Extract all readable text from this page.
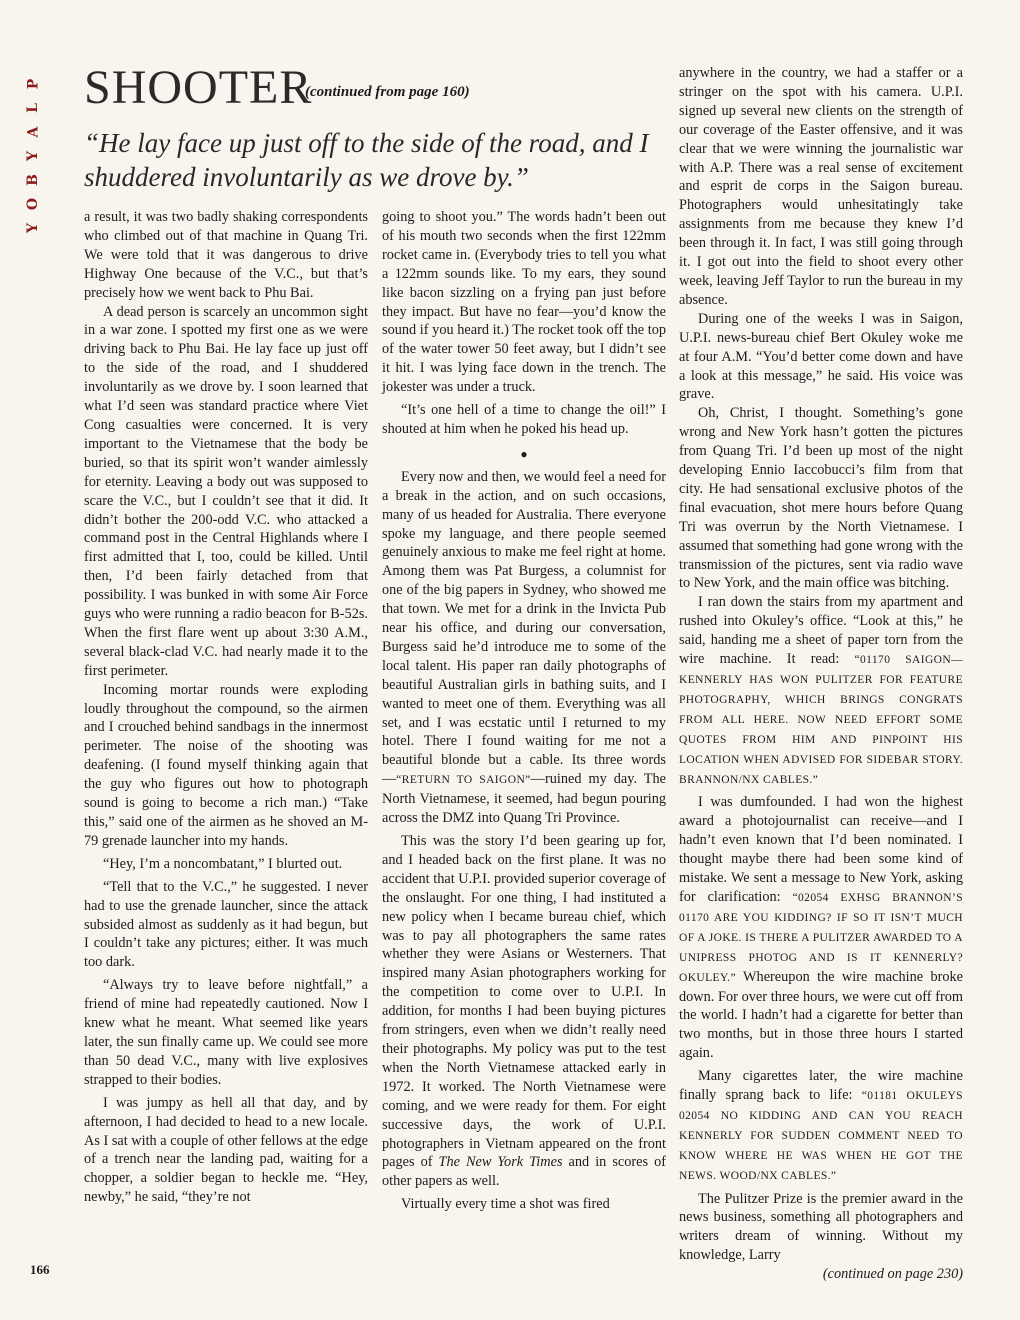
P
L
A
Y
B
O
Y
SHOOTER
(continued from page 160)
“He lay face up just off to the side of the road, and I shuddered involuntarily as we drove by.”

a result, it was two badly shaking correspondents who climbed out of that machine in Quang Tri. We were told that it was dangerous to drive Highway One because of the V.C., but that’s precisely how we went back to Phu Bai.

A dead person is scarcely an uncommon sight in a war zone. I spotted my first one as we were driving back to Phu Bai. He lay face up just off to the side of the road, and I shuddered involuntarily as we drove by. I soon learned that what I’d seen was standard practice where Viet Cong casualties were concerned. It is very important to the Vietnamese that the body be buried, so that its spirit won’t wander aimlessly for eternity. Leaving a body out was supposed to scare the V.C., but I couldn’t see that it did. It didn’t bother the 200-odd V.C. who attacked a command post in the Central Highlands where I first admitted that I, too, could be killed. Until then, I’d been fairly detached from that possibility. I was bunked in with some Air Force guys who were running a radio beacon for B-52s. When the first flare went up about 3:30 A.M., several black-clad V.C. had nearly made it to the first perimeter.

Incoming mortar rounds were exploding loudly throughout the compound, so the airmen and I crouched behind sandbags in the innermost perimeter. The noise of the shooting was deafening. (I found myself thinking again that the guy who figures out how to photograph sound is going to become a rich man.) “Take this,” said one of the airmen as he shoved an M-79 grenade launcher into my hands.

“Hey, I’m a noncombatant,” I blurted out.

“Tell that to the V.C.,” he suggested. I never had to use the grenade launcher, since the attack subsided almost as suddenly as it had begun, but I couldn’t take any pictures; either. It was much too dark.

“Always try to leave before nightfall,” a friend of mine had repeatedly cautioned. Now I knew what he meant. What seemed like years later, the sun finally came up. We could see more than 50 dead V.C., many with live explosives strapped to their bodies.

I was jumpy as hell all that day, and by afternoon, I had decided to head to a new locale. As I sat with a couple of other fellows at the edge of a trench near the landing pad, waiting for a chopper, a soldier began to heckle me. “Hey, newby,” he said, “they’re not

going to shoot you.” The words hadn’t been out of his mouth two seconds when the first 122mm rocket came in. (Everybody tries to tell you what a 122mm sounds like. To my ears, they sound like bacon sizzling on a frying pan just before they impact. But have no fear—you’d know the sound if you heard it.) The rocket took off the top of the water tower 50 feet away, but I didn’t see it hit. I was lying face down in the trench. The jokester was under a truck.

“It’s one hell of a time to change the oil!” I shouted at him when he poked his head up.

●

Every now and then, we would feel a need for a break in the action, and on such occasions, many of us headed for Australia. There everyone spoke my language, and there people seemed genuinely anxious to make me feel right at home. Among them was Pat Burgess, a columnist for one of the big papers in Sydney, who showed me that town. We met for a drink in the Invicta Pub near his office, and during our conversation, Burgess said he’d introduce me to some of the local talent. His paper ran daily photographs of beautiful Australian girls in bathing suits, and I wanted to meet one of them. Everything was all set, and I was ecstatic until I returned to my hotel. There I found waiting for me not a beautiful blonde but a cable. Its three words—“RETURN TO SAIGON”—ruined my day. The North Vietnamese, it seemed, had begun pouring across the DMZ into Quang Tri Province.

This was the story I’d been gearing up for, and I headed back on the first plane. It was no accident that U.P.I. provided superior coverage of the onslaught. For one thing, I had instituted a new policy when I became bureau chief, which was to pay all photographers the same rates whether they were Asians or Westerners. That inspired many Asian photographers working for the competition to come over to U.P.I. In addition, for months I had been buying pictures from stringers, even when we didn’t really need their photographs. My policy was put to the test when the North Vietnamese attacked early in 1972. It worked. The North Vietnamese were coming, and we were ready for them. For eight successive days, the work of U.P.I. photographers in Vietnam appeared on the front pages of The New York Times and in scores of other papers as well.

Virtually every time a shot was fired

anywhere in the country, we had a staffer or a stringer on the spot with his camera. U.P.I. signed up several new clients on the strength of our coverage of the Easter offensive, and it was clear that we were winning the journalistic war with A.P. There was a real sense of excitement and esprit de corps in the Saigon bureau. Photographers would unhesitatingly take assignments from me because they knew I’d been through it. In fact, I was still going through it. I got out into the field to shoot every other week, leaving Jeff Taylor to run the bureau in my absence.

During one of the weeks I was in Saigon, U.P.I. news-bureau chief Bert Okuley woke me at four A.M. “You’d better come down and have a look at this message,” he said. His voice was grave.

Oh, Christ, I thought. Something’s gone wrong and New York hasn’t gotten the pictures from Quang Tri. I’d been up most of the night developing Ennio Iaccobucci’s film from that city. He had sensational exclusive photos of the final evacuation, shot mere hours before Quang Tri was overrun by the North Vietnamese. I assumed that something had gone wrong with the transmission of the pictures, sent via radio wave to New York, and the main office was bitching.

I ran down the stairs from my apartment and rushed into Okuley’s office. “Look at this,” he said, handing me a sheet of paper torn from the wire machine. It read: “01170 SAIGON—KENNERLY HAS WON PULITZER FOR FEATURE PHOTOGRAPHY, WHICH BRINGS CONGRATS FROM ALL HERE. NOW NEED EFFORT SOME QUOTES FROM HIM AND PINPOINT HIS LOCATION WHEN ADVISED FOR SIDEBAR STORY. BRANNON/NX CABLES.”

I was dumfounded. I had won the highest award a photojournalist can receive—and I hadn’t even known that I’d been nominated. I thought maybe there had been some kind of mistake. We sent a message to New York, asking for clarification: “02054 EXHSG BRANNON’S 01170 ARE YOU KIDDING? IF SO IT ISN’T MUCH OF A JOKE. IS THERE A PULITZER AWARDED TO A UNIPRESS PHOTOG AND IS IT KENNERLY? OKULEY.” Whereupon the wire machine broke down. For over three hours, we were cut off from the world. I hadn’t had a cigarette for better than two months, but in those three hours I started again.

Many cigarettes later, the wire machine finally sprang back to life: “01181 OKULEYS 02054 NO KIDDING AND CAN YOU REACH KENNERLY FOR SUDDEN COMMENT NEED TO KNOW WHERE HE WAS WHEN HE GOT THE NEWS. WOOD/NX CABLES.”

The Pulitzer Prize is the premier award in the news business, something all photographers and writers dream of winning. Without my knowledge, Larry

(continued on page 230)

166
